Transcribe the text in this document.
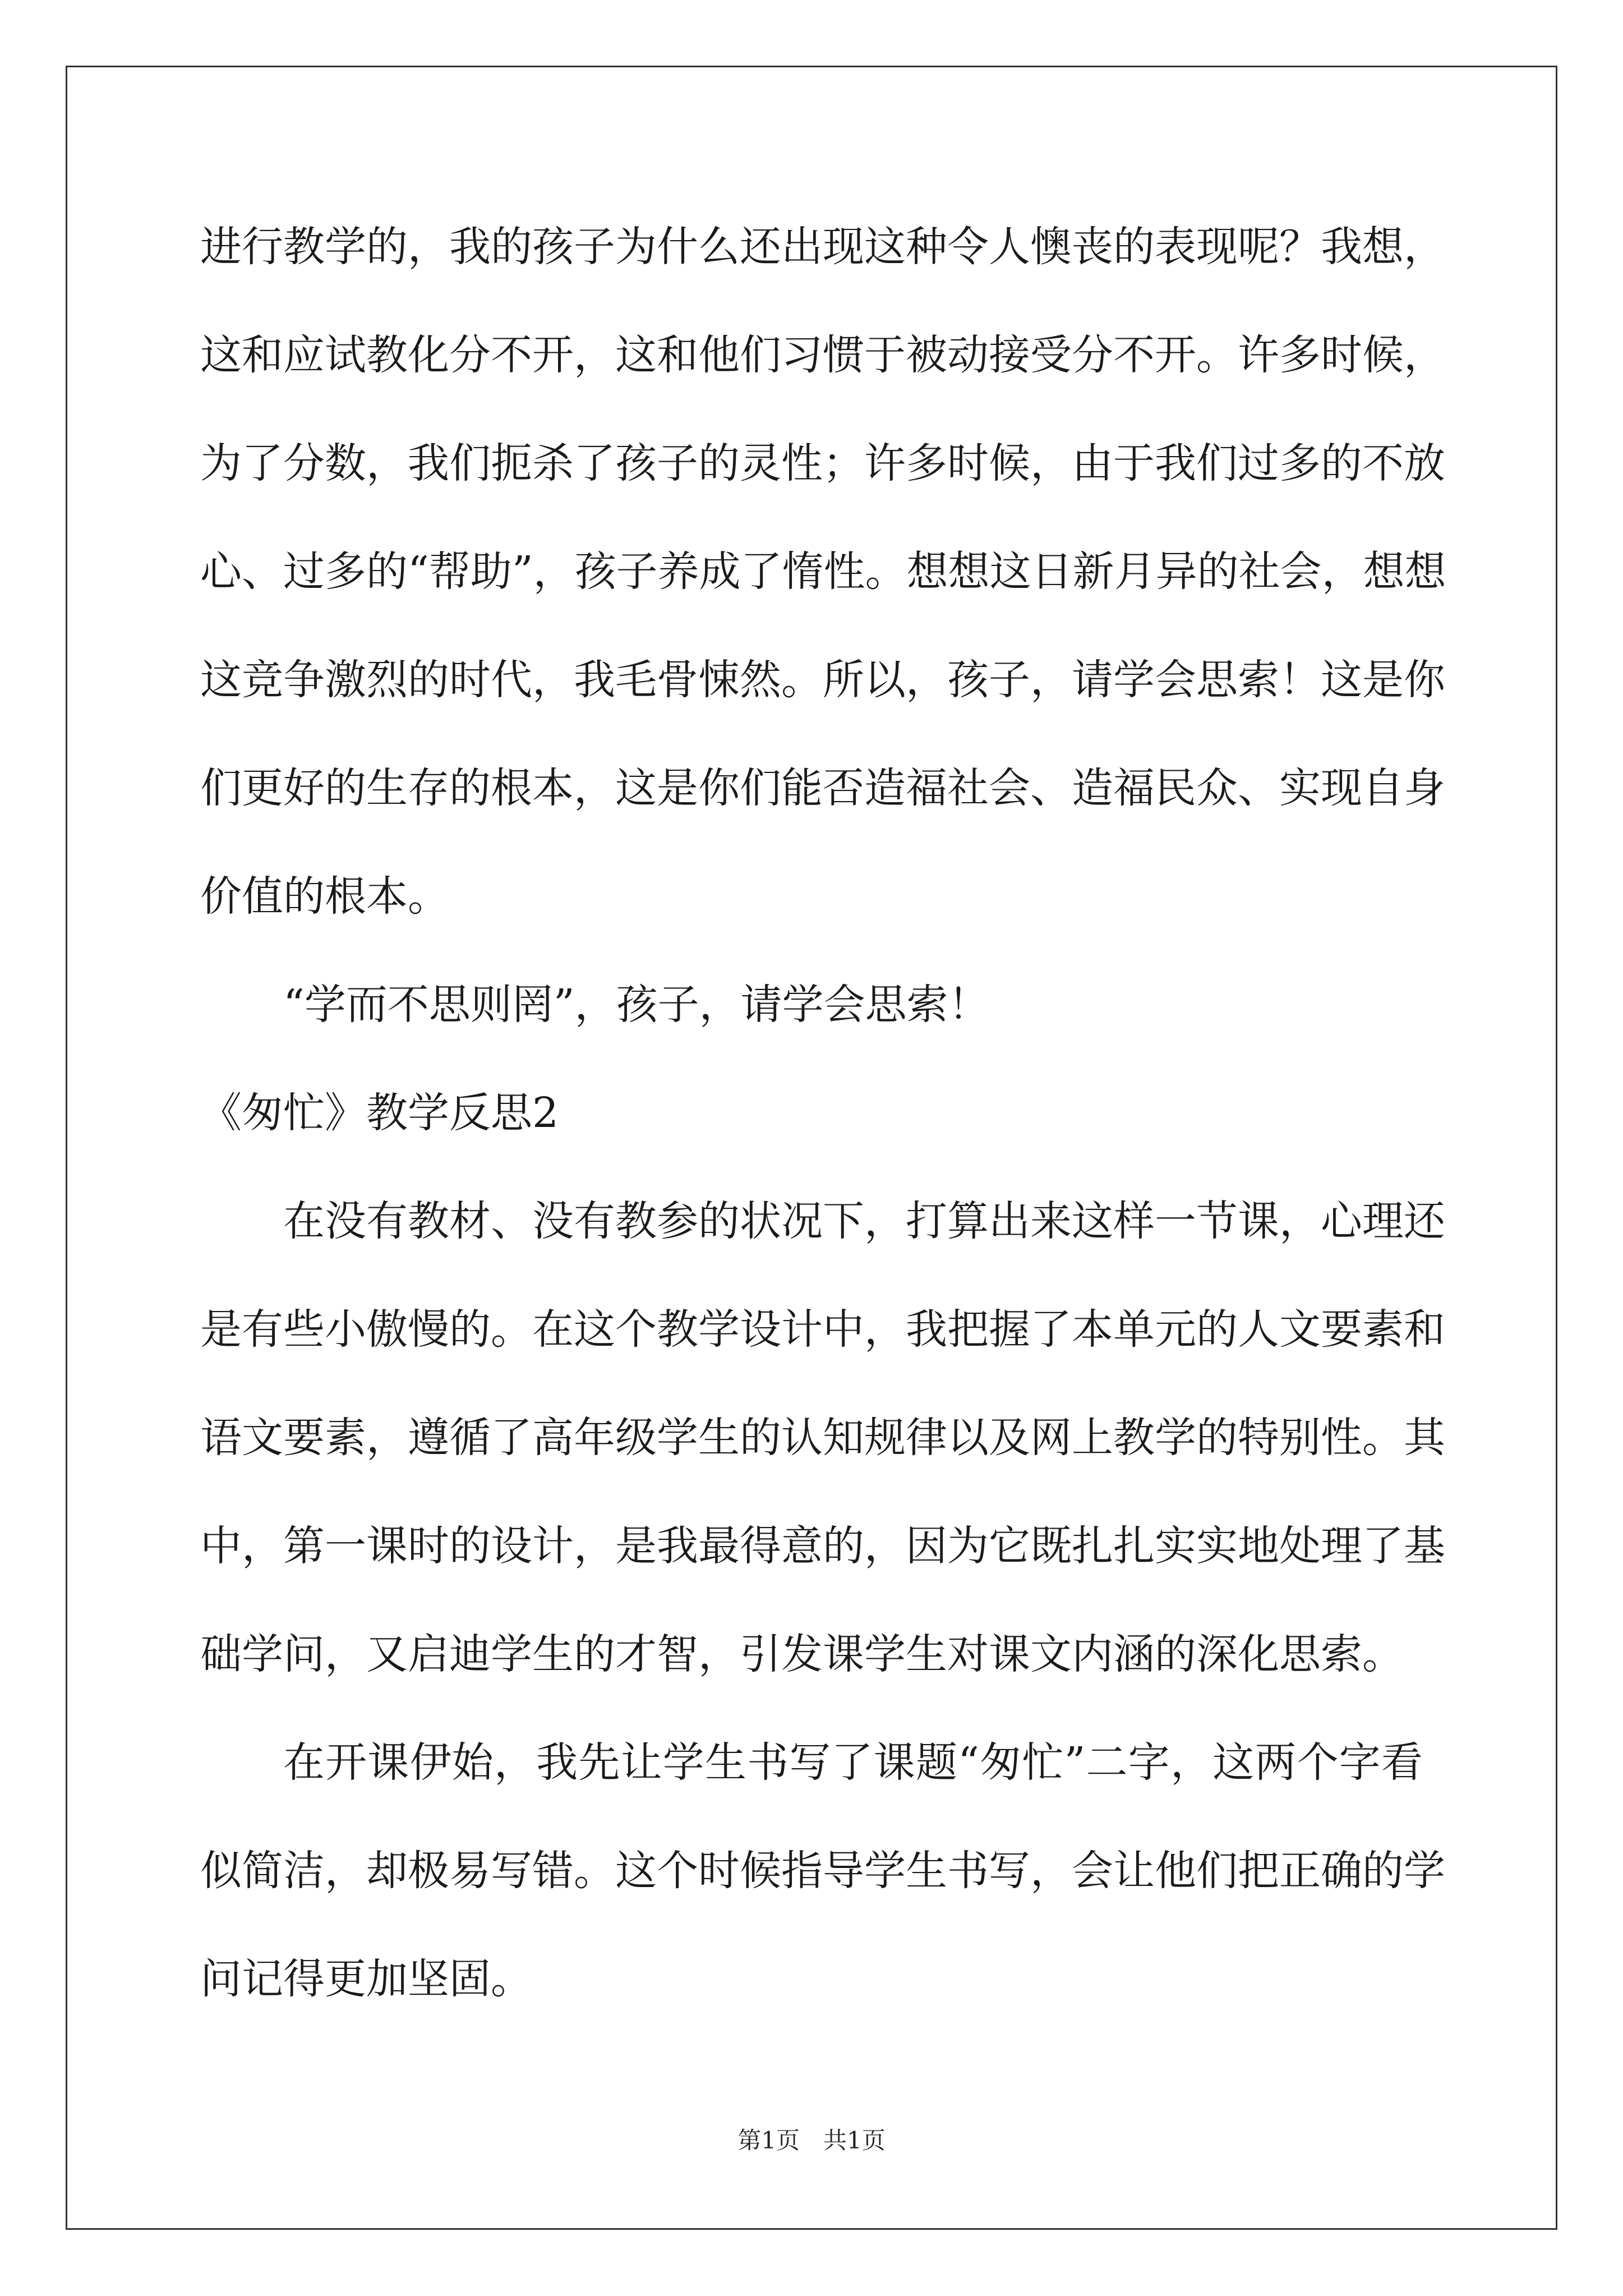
进行教学的，我的孩子为什么还出现这种令人懊丧的表现呢？我想，
这和应试教化分不开，这和他们习惯于被动接受分不开。许多时候，
为了分数，我们扼杀了孩子的灵性；许多时候，由于我们过多的不放
心、过多的“帮助”，孩子养成了惰性。想想这日新月异的社会，想想
这竞争激烈的时代，我毛骨悚然。所以，孩子，请学会思索！这是你
们更好的生存的根本，这是你们能否造福社会、造福民众、实现自身
价值的根本。
“学而不思则罔”，孩子，请学会思索！
《匆忙》教学反思2
在没有教材、没有教参的状况下，打算出来这样一节课，心理还
是有些小傲慢的。在这个教学设计中，我把握了本单元的人文要素和
语文要素，遵循了高年级学生的认知规律以及网上教学的特别性。其
中，第一课时的设计，是我最得意的，因为它既扎扎实实地处理了基
础学问，又启迪学生的才智，引发课学生对课文内涵的深化思索。
在开课伊始，我先让学生书写了课题“匆忙”二字，这两个字看
似简洁，却极易写错。这个时候指导学生书写，会让他们把正确的学
问记得更加坚固。
第1页　共1页
